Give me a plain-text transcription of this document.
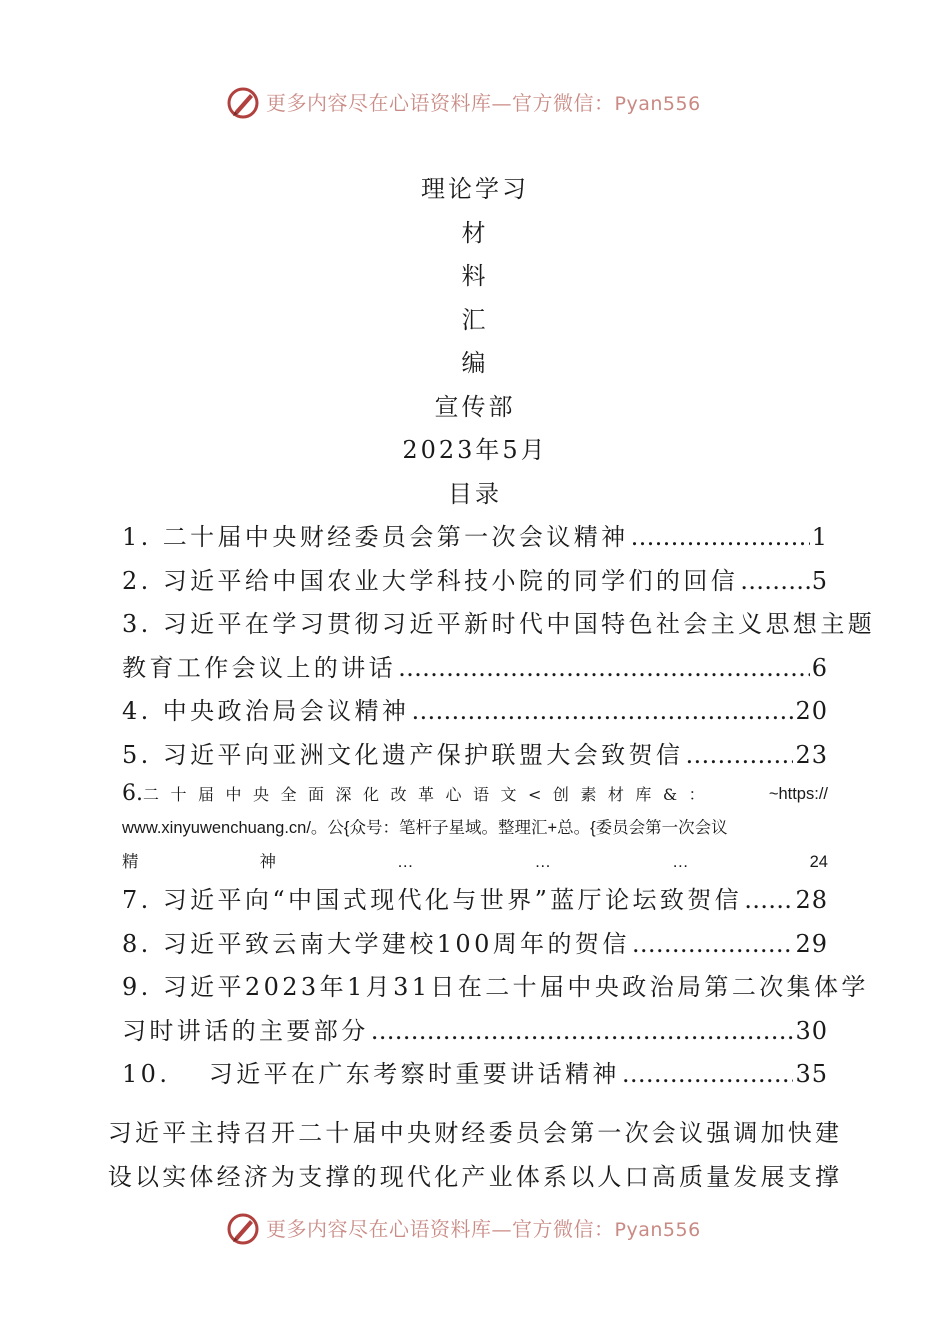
更多内容尽在心语资料库—官方微信：Pyan556
理论学习
材
料
汇
编
宣传部
2023年5月
目录
1. 二十届中央财经委员会第一次会议精神 …………………………………………………………………………………………………………………………	1
2. 习近平给中国农业大学科技小院的同学们的回信 …………………………………………………………………………………………………………………………	5
3. 习近平在学习贯彻习近平新时代中国特色社会主义思想主题
教育工作会议上的讲话 …………………………………………………………………………………………………………………………	6
4. 中央政治局会议精神 …………………………………………………………………………………………………………………………	20
5. 习近平向亚洲文化遗产保护联盟大会致贺信 …………………………………………………………………………………………………………………………	23
6.二十届中央全面深化改革心语文<创素材库&：	~https://
www.xinyuwenchuang.cn/。公{众号：笔杆子星域。整理汇+总。{委员会第一次会议
精	神	…	…	…	24
7. 习近平向“中国式现代化与世界”蓝厅论坛致贺信 ………………………………………………………………………………………………………………………… 28
8. 习近平致云南大学建校100周年的贺信 …………………………………………………………………………………………………………………………	29
9. 习近平2023年1月31日在二十届中央政治局第二次集体学
习时讲话的主要部分 …………………………………………………………………………………………………………………………	30
10.　 习近平在广东考察时重要讲话精神 …………………………………………………………………………………………………………………………	35
习近平主持召开二十届中央财经委员会第一次会议强调加快建
设以实体经济为支撑的现代化产业体系以人口高质量发展支撑
更多内容尽在心语资料库—官方微信：Pyan556
